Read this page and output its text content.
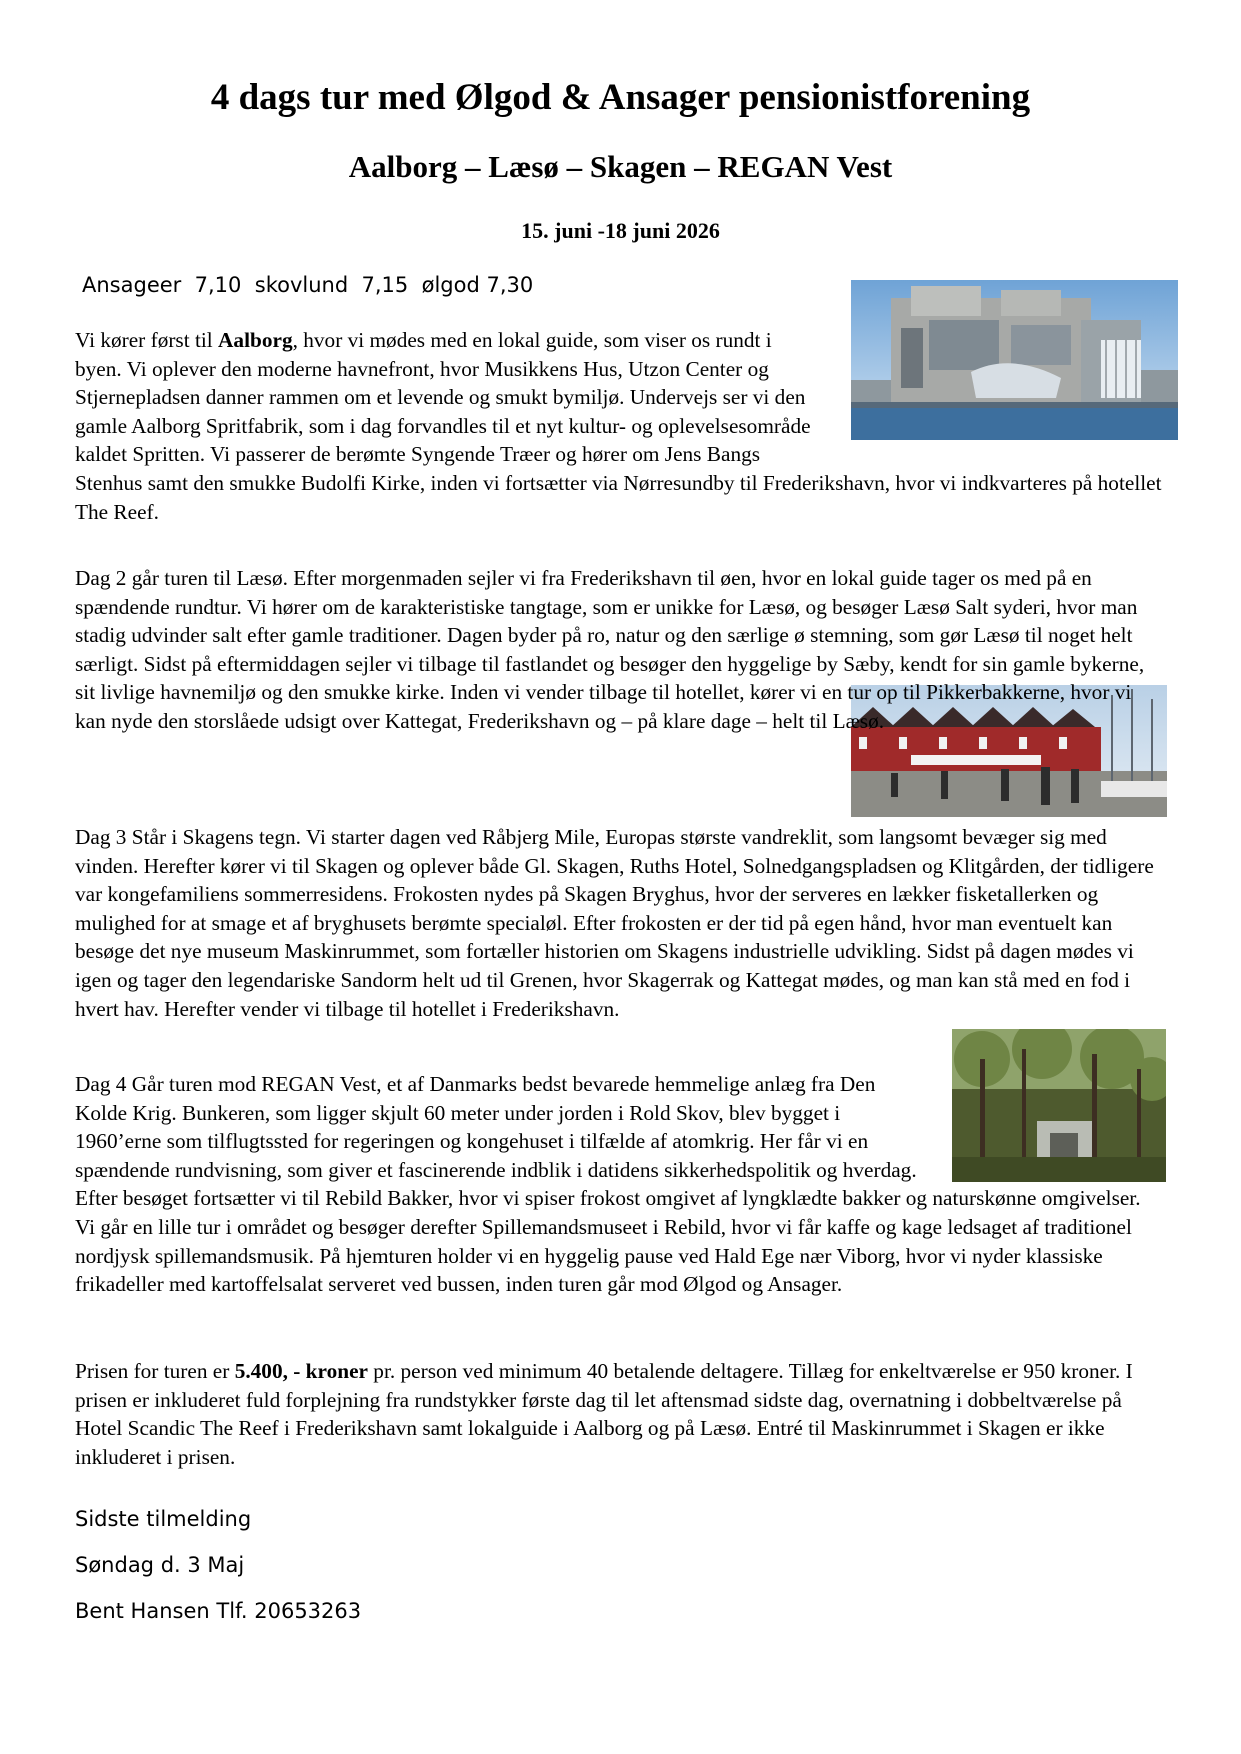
4 dags tur med Ølgod & Ansager pensionistforening
Aalborg – Læsø – Skagen – REGAN Vest
15. juni -18 juni 2026
Ansageer  7,10  skovlund  7,15  ølgod 7,30

Vi kører først til Aalborg, hvor vi mødes med en lokal guide, som viser os rundt i byen. Vi oplever den moderne havnefront, hvor Musikkens Hus, Utzon Center og Stjernepladsen danner rammen om et levende og smukt bymiljø. Undervejs ser vi den gamle Aalborg Spritfabrik, som i dag forvandles til et nyt kultur- og oplevelsesområde kaldet Spritten. Vi passerer de berømte Syngende Træer og hører om Jens Bangs Stenhus samt den smukke Budolfi Kirke, inden vi fortsætter via Nørresundby til Frederikshavn, hvor vi indkvarteres på hotellet The Reef.

Dag 2 går turen til Læsø. Efter morgenmaden sejler vi fra Frederikshavn til øen, hvor en lokal guide tager os med på en spændende rundtur. Vi hører om de karakteristiske tangtage, som er unikke for Læsø, og besøger Læsø Salt syderi, hvor man stadig udvinder salt efter gamle traditioner. Dagen byder på ro, natur og den særlige ø stemning, som gør Læsø til noget helt særligt. Sidst på eftermiddagen sejler vi tilbage til fastlandet og besøger den hyggelige by Sæby, kendt for sin gamle bykerne, sit livlige havnemiljø og den smukke kirke. Inden vi vender tilbage til hotellet, kører vi en tur op til Pikkerbakkerne, hvor vi kan nyde den storslåede udsigt over Kattegat, Frederikshavn og – på klare dage – helt til Læsø.

Dag 3 Står i Skagens tegn. Vi starter dagen ved Råbjerg Mile, Europas største vandreklit, som langsomt bevæger sig med vinden. Herefter kører vi til Skagen og oplever både Gl. Skagen, Ruths Hotel, Solnedgangspladsen og Klitgården, der tidligere var kongefamiliens sommerresidens. Frokosten nydes på Skagen Bryghus, hvor der serveres en lækker fisketallerken og mulighed for at smage et af bryghusets berømte specialøl. Efter frokosten er der tid på egen hånd, hvor man eventuelt kan besøge det nye museum Maskinrummet, som fortæller historien om Skagens industrielle udvikling. Sidst på dagen mødes vi igen og tager den legendariske Sandorm helt ud til Grenen, hvor Skagerrak og Kattegat mødes, og man kan stå med en fod i hvert hav. Herefter vender vi tilbage til hotellet i Frederikshavn.

Dag 4 Går turen mod REGAN Vest, et af Danmarks bedst bevarede hemmelige anlæg fra Den Kolde Krig. Bunkeren, som ligger skjult 60 meter under jorden i Rold Skov, blev bygget i 1960’erne som tilflugtssted for regeringen og kongehuset i tilfælde af atomkrig. Her får vi en spændende rundvisning, som giver et fascinerende indblik i datidens sikkerhedspolitik og hverdag. Efter besøget fortsætter vi til Rebild Bakker, hvor vi spiser frokost omgivet af lyngklædte bakker og naturskønne omgivelser. Vi går en lille tur i området og besøger derefter Spillemandsmuseet i Rebild, hvor vi får kaffe og kage ledsaget af traditionel nordjysk spillemandsmusik. På hjemturen holder vi en hyggelig pause ved Hald Ege nær Viborg, hvor vi nyder klassiske frikadeller med kartoffelsalat serveret ved bussen, inden turen går mod Ølgod og Ansager.

Prisen for turen er 5.400, - kroner pr. person ved minimum 40 betalende deltagere. Tillæg for enkeltværelse er 950 kroner. I prisen er inkluderet fuld forplejning fra rundstykker første dag til let aftensmad sidste dag, overnatning i dobbeltværelse på Hotel Scandic The Reef i Frederikshavn samt lokalguide i Aalborg og på Læsø. Entré til Maskinrummet i Skagen er ikke inkluderet i prisen.

Sidste tilmelding
Søndag d. 3 Maj
Bent Hansen Tlf. 20653263
